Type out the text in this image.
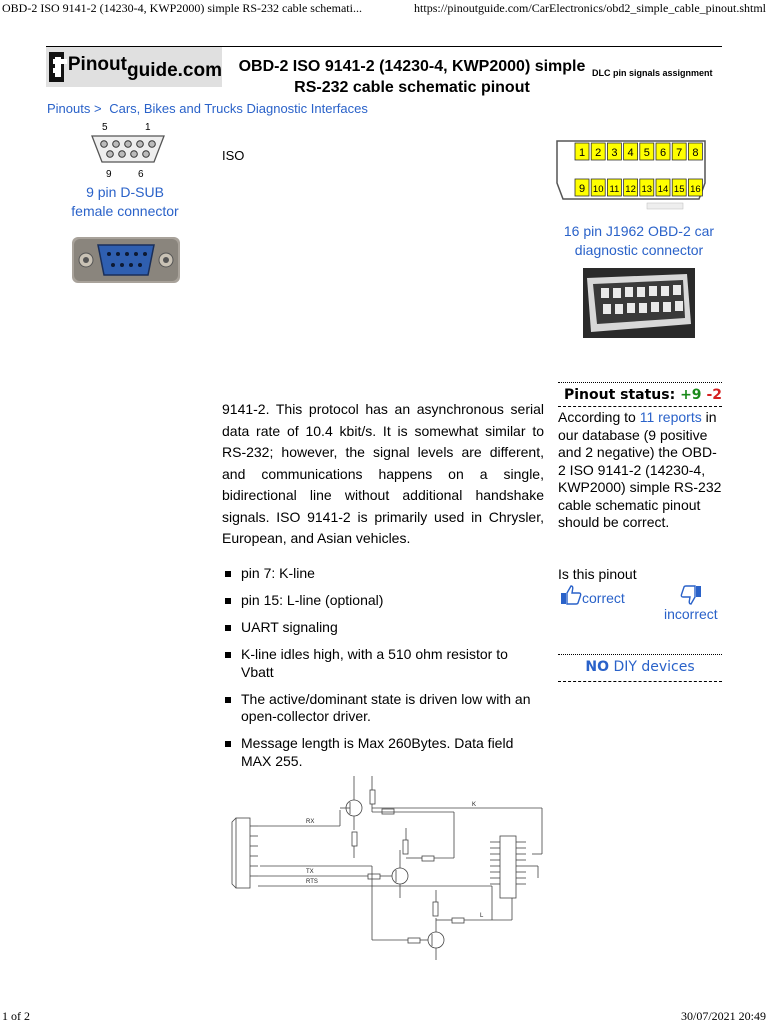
OBD-2 ISO 9141-2 (14230-4, KWP2000) simple RS-232 cable schemati...	https://pinoutguide.com/CarElectronics/obd2_simple_cable_pinout.shtml
Pinoutguide.com	OBD-2 ISO 9141-2 (14230-4, KWP2000) simple RS-232 cable schematic pinout
DLC pin signals assignment
Pinouts > Cars, Bikes and Trucks Diagnostic Interfaces
5	1
9	6
9 pin D-SUB
female connector
ISO
9141-2. This protocol has an asynchronous serial data rate of 10.4 kbit/s. It is somewhat similar to RS-232; however, the signal levels are different, and communications happens on a single, bidirectional line without additional handshake signals. ISO 9141-2 is primarily used in Chrysler, European, and Asian vehicles.
pin 7: K-line
pin 15: L-line (optional)
UART signaling
K-line idles high, with a 510 ohm resistor to Vbatt
The active/dominant state is driven low with an open-collector driver.
Message length is Max 260Bytes. Data field MAX 255.
RX
TX
RTS
K
L
1 2 3 4 5 6 7 8
9 10 11 12 13 14 15 16
16 pin J1962 OBD-2 car
diagnostic connector
Pinout status: +9 -2
According to 11 reports in our database (9 positive and 2 negative) the OBD-2 ISO 9141-2 (14230-4, KWP2000) simple RS-232 cable schematic pinout should be correct.
Is this pinout
correct
incorrect
NO DIY devices
1 of 2	30/07/2021 20:49
